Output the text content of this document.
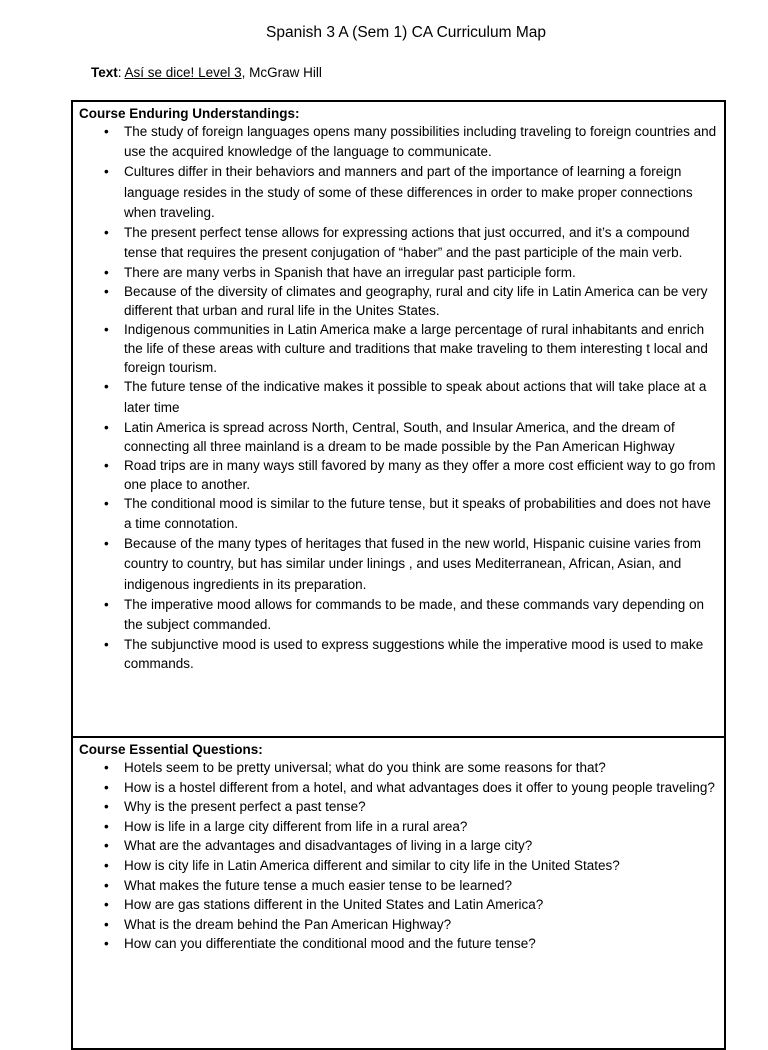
Spanish 3 A (Sem 1) CA Curriculum Map
Text: Así se dice! Level 3, McGraw Hill
Course Enduring Understandings:
• The study of foreign languages opens many possibilities including traveling to foreign countries and use the acquired knowledge of the language to communicate.
• Cultures differ in their behaviors and manners and part of the importance of learning a foreign language resides in the study of some of these differences in order to make proper connections when traveling.
• The present perfect tense allows for expressing actions that just occurred, and it’s a compound tense that requires the present conjugation of “haber” and the past participle of the main verb.
• There are many verbs in Spanish that have an irregular past participle form.
• Because of the diversity of climates and geography, rural and city life in Latin America can be very different that urban and rural life in the Unites States.
• Indigenous communities in Latin America make a large percentage of rural inhabitants and enrich the life of these areas with culture and traditions that make traveling to them interesting t local and foreign tourism.
• The future tense of the indicative makes it possible to speak about actions that will take place at a later time
• Latin America is spread across North, Central, South, and Insular America, and the dream of connecting all three mainland is a dream to be made possible by the Pan American Highway
• Road trips are in many ways still favored by many as they offer a more cost efficient way to go from one place to another.
• The conditional mood is similar to the future tense, but it speaks of probabilities and does not have a time connotation.
• Because of the many types of heritages that fused in the new world, Hispanic cuisine varies from country to country, but has similar under linings , and uses Mediterranean, African, Asian, and indigenous ingredients in its preparation.
• The imperative mood allows for commands to be made, and these commands vary depending on the subject commanded.
• The subjunctive mood is used to express suggestions while the imperative mood is used to make commands.
Course Essential Questions:
• Hotels seem to be pretty universal; what do you think are some reasons for that?
• How is a hostel different from a hotel, and what advantages does it offer to young people traveling?
• Why is the present perfect a past tense?
• How is life in a large city different from life in a rural area?
• What are the advantages and disadvantages of living in a large city?
• How is city life in Latin America different and similar to city life in the United States?
• What makes the future tense a much easier tense to be learned?
• How are gas stations different in the United States and Latin America?
• What is the dream behind the Pan American Highway?
• How can you differentiate the conditional mood and the future tense?
